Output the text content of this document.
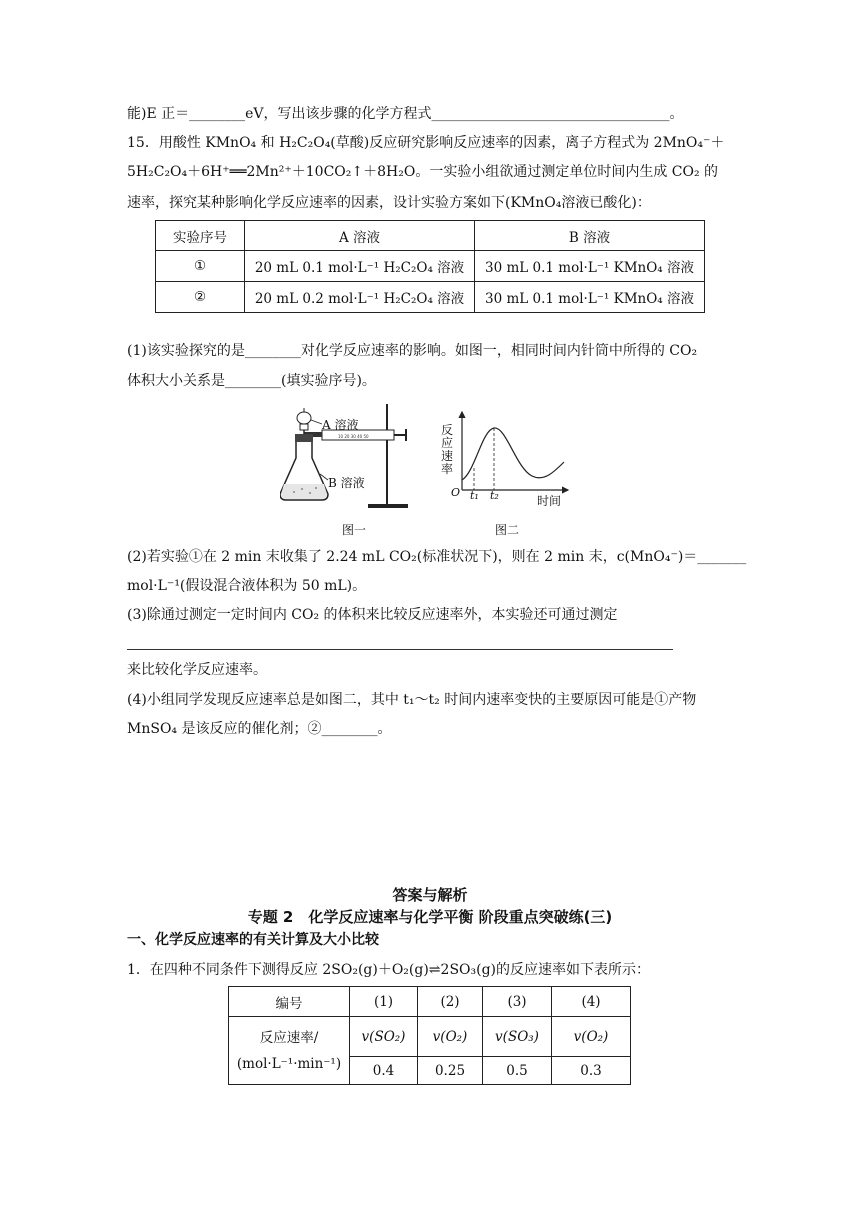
能)E 正＝________eV，写出该步骤的化学方程式__________________________________。
15．用酸性 KMnO₄ 和 H₂C₂O₄(草酸)反应研究影响反应速率的因素，离子方程式为 2MnO₄⁻＋
5H₂C₂O₄＋6H⁺══2Mn²⁺＋10CO₂↑＋8H₂O。一实验小组欲通过测定单位时间内生成 CO₂ 的
速率，探究某种影响化学反应速率的因素，设计实验方案如下(KMnO₄溶液已酸化)：
实验序号	A 溶液	B 溶液
①	20 mL 0.1 mol·L⁻¹ H₂C₂O₄ 溶液	30 mL 0.1 mol·L⁻¹ KMnO₄ 溶液
②	20 mL 0.2 mol·L⁻¹ H₂C₂O₄ 溶液	30 mL 0.1 mol·L⁻¹ KMnO₄ 溶液
(1)该实验探究的是________对化学反应速率的影响。如图一，相同时间内针筒中所得的 CO₂
体积大小关系是________(填实验序号)。
10 20 30 40 50
A 溶液
B 溶液
图一
反应速率
O t₁ t₂	时间
图二
(2)若实验①在 2 min 末收集了 2.24 mL CO₂(标准状况下)，则在 2 min 末，c(MnO₄⁻)＝_______
mol·L⁻¹(假设混合液体积为 50 mL)。
(3)除通过测定一定时间内 CO₂ 的体积来比较反应速率外，本实验还可通过测定
来比较化学反应速率。
(4)小组同学发现反应速率总是如图二，其中 t₁～t₂ 时间内速率变快的主要原因可能是①产物
MnSO₄ 是该反应的催化剂；②________。
答案与解析
专题 2　化学反应速率与化学平衡 阶段重点突破练(三)
一、化学反应速率的有关计算及大小比较
1．在四种不同条件下测得反应 2SO₂(g)＋O₂(g)⇌2SO₃(g)的反应速率如下表所示：
编号	(1)	(2)	(3)	(4)

反应速率/
(mol·L⁻¹·min⁻¹)	v(SO₂)	v(O₂)	v(SO₃)	v(O₂)
	0.4	0.25	0.5	0.3
